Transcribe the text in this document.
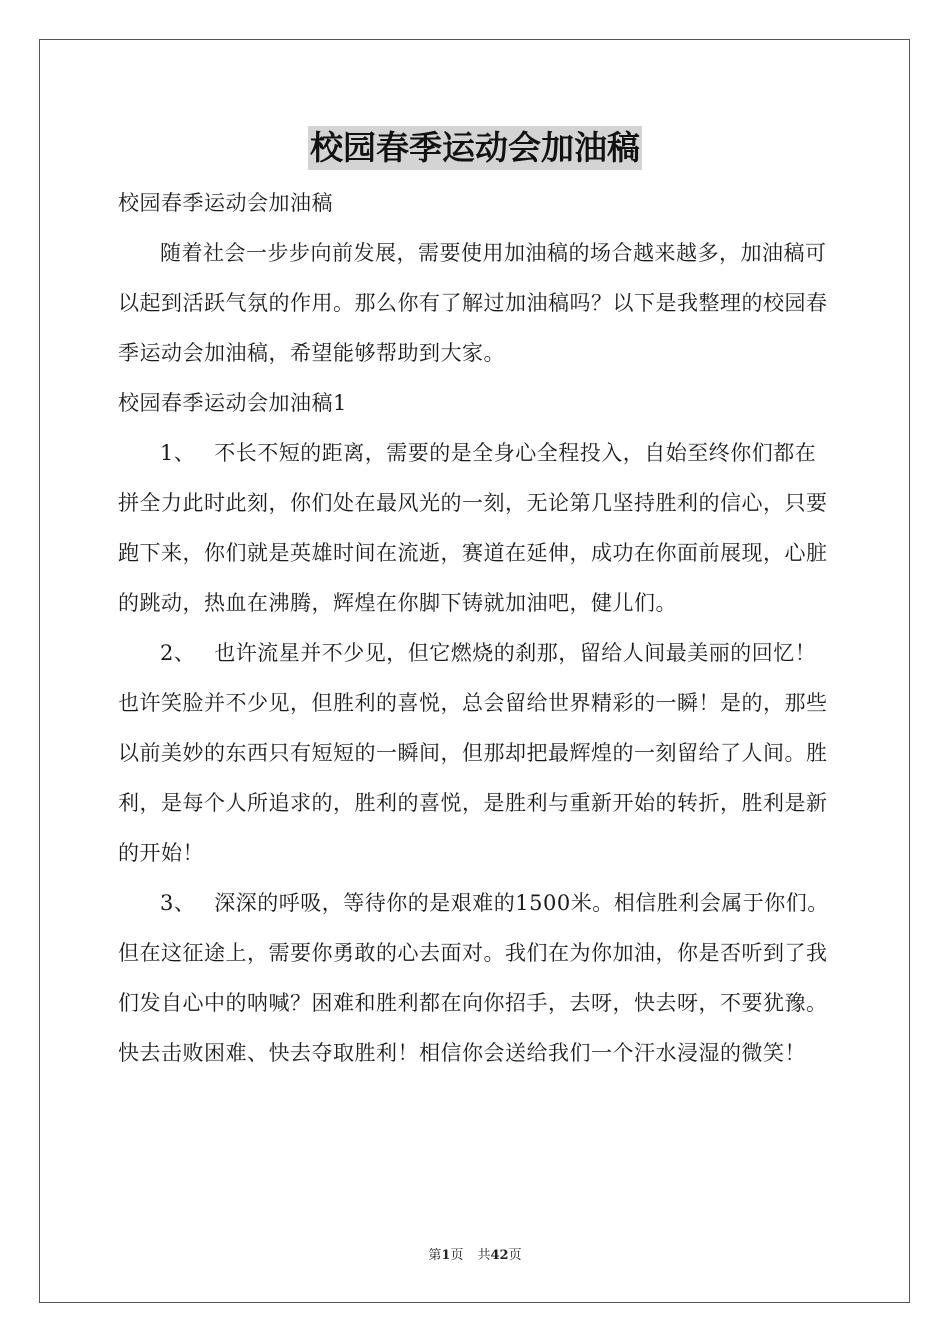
校园春季运动会加油稿

校园春季运动会加油稿

随着社会一步步向前发展，需要使用加油稿的场合越来越多，加油稿可以起到活跃气氛的作用。那么你有了解过加油稿吗？以下是我整理的校园春季运动会加油稿，希望能够帮助到大家。

校园春季运动会加油稿1

1、 不长不短的距离，需要的是全身心全程投入，自始至终你们都在拼全力此时此刻，你们处在最风光的一刻，无论第几坚持胜利的信心，只要跑下来，你们就是英雄时间在流逝，赛道在延伸，成功在你面前展现，心脏的跳动，热血在沸腾，辉煌在你脚下铸就加油吧，健儿们。

2、 也许流星并不少见，但它燃烧的刹那，留给人间最美丽的回忆！也许笑脸并不少见，但胜利的喜悦，总会留给世界精彩的一瞬！是的，那些以前美妙的东西只有短短的一瞬间，但那却把最辉煌的一刻留给了人间。胜利，是每个人所追求的，胜利的喜悦，是胜利与重新开始的转折，胜利是新的开始！

3、 深深的呼吸，等待你的是艰难的1500米。相信胜利会属于你们。但在这征途上，需要你勇敢的心去面对。我们在为你加油，你是否听到了我们发自心中的呐喊？困难和胜利都在向你招手，去呀，快去呀，不要犹豫。快去击败困难、快去夺取胜利！相信你会送给我们一个汗水浸湿的微笑！

第1页 共42页
